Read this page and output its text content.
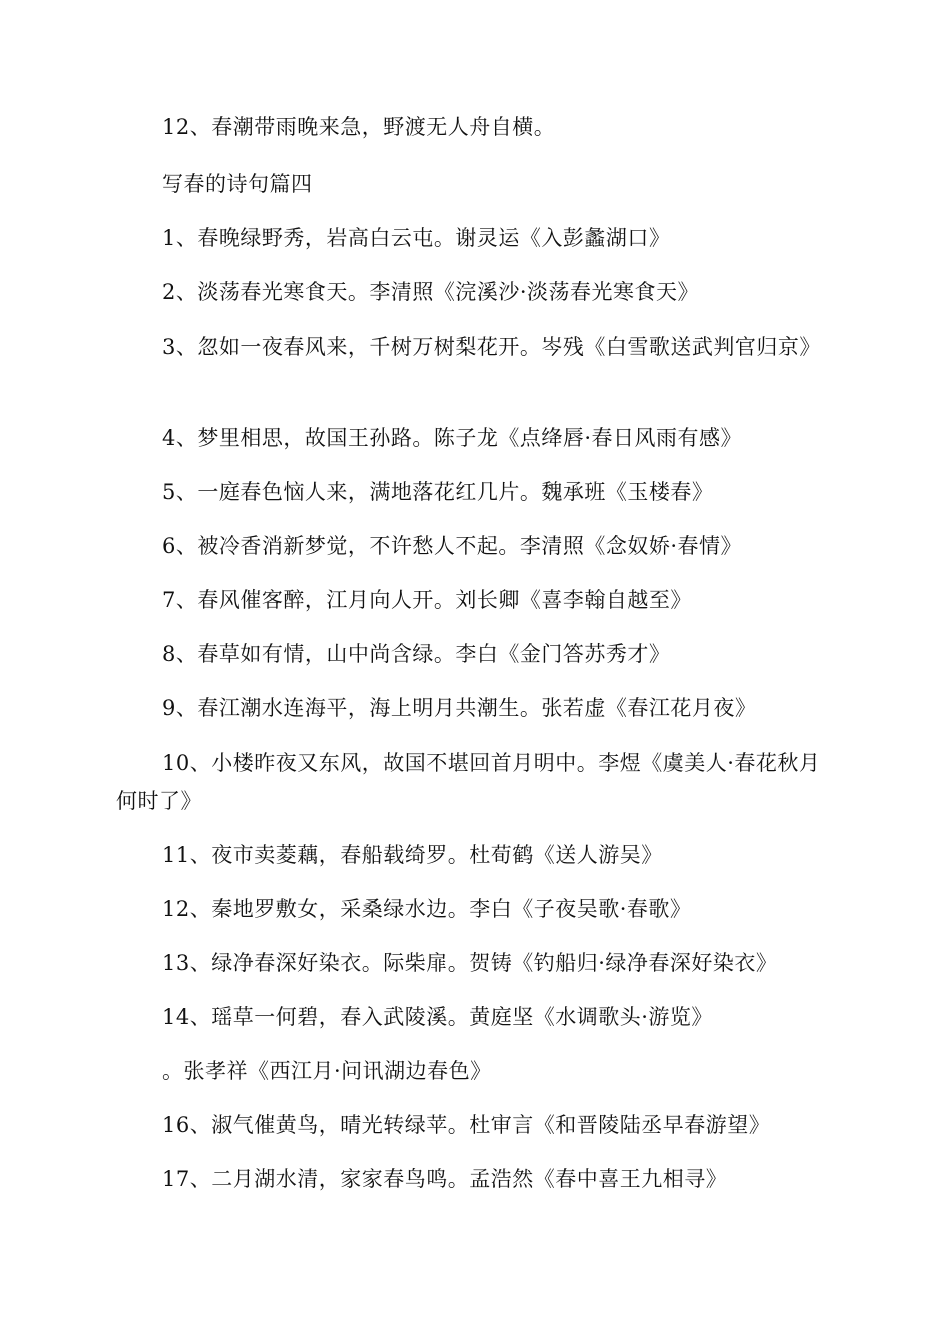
12、春潮带雨晚来急，野渡无人舟自横。

写春的诗句篇四

1、春晚绿野秀，岩高白云屯。谢灵运《入彭蠡湖口》

2、淡荡春光寒食天。李清照《浣溪沙·淡荡春光寒食天》

3、忽如一夜春风来，千树万树梨花开。岑残《白雪歌送武判官归京》

4、梦里相思，故国王孙路。陈子龙《点绛唇·春日风雨有感》

5、一庭春色恼人来，满地落花红几片。魏承班《玉楼春》

6、被冷香消新梦觉，不许愁人不起。李清照《念奴娇·春情》

7、春风催客醉，江月向人开。刘长卿《喜李翰自越至》

8、春草如有情，山中尚含绿。李白《金门答苏秀才》

9、春江潮水连海平，海上明月共潮生。张若虚《春江花月夜》

10、小楼昨夜又东风，故国不堪回首月明中。李煜《虞美人·春花秋月何时了》

11、夜市卖菱藕，春船载绮罗。杜荀鹤《送人游吴》

12、秦地罗敷女，采桑绿水边。李白《子夜吴歌·春歌》

13、绿净春深好染衣。际柴扉。贺铸《钓船归·绿净春深好染衣》

14、瑶草一何碧，春入武陵溪。黄庭坚《水调歌头·游览》

。张孝祥《西江月·问讯湖边春色》

16、淑气催黄鸟，晴光转绿苹。杜审言《和晋陵陆丞早春游望》

17、二月湖水清，家家春鸟鸣。孟浩然《春中喜王九相寻》
